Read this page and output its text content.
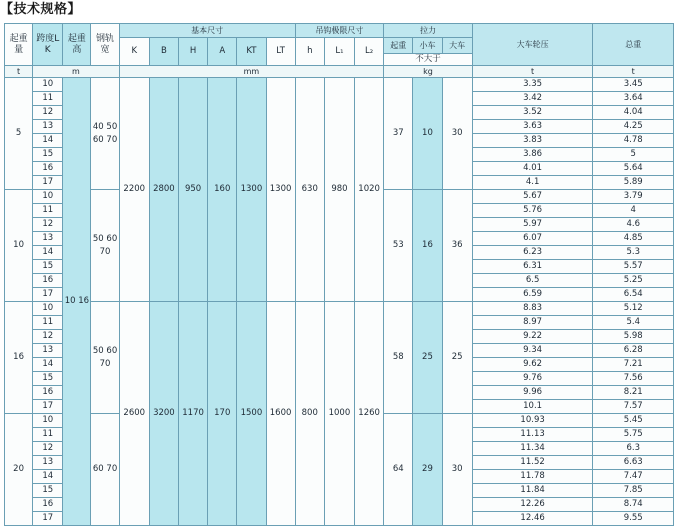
【技术规格】
起重量	跨度L K	起重高	钢轨宽	基本尺寸						吊钩极限尺寸			拉力			大车轮压	总重
				K	B	H	A	KT	LT	h	L₁	L₂	起重	小车	大车		
													不大于				
t	m			mm									kg			t	t
5	10	10 16	40 50 60 70	2200	2800	950	160	1300	1300	630	980	1020	37	10	30	3.35	3.45
	11															3.42	3.64
	12															3.52	4.04
	13															3.63	4.25
	14															3.83	4.78
	15															3.86	5
	16															4.01	5.64
	17															4.1	5.89
10	10		50 60 70										53	16	36	5.67	3.79
	11															5.76	4
	12															5.97	4.6
	13															6.07	4.85
	14															6.23	5.3
	15															6.31	5.57
	16															6.5	5.25
	17															6.59	6.54
16	10		50 60 70	2600	3200	1170	170	1500	1600	800	1000	1260	58	25	25	8.83	5.12
	11															8.97	5.4
	12															9.22	5.98
	13															9.34	6.28
	14															9.62	7.21
	15															9.76	7.56
	16															9.96	8.21
	17															10.1	7.57
20	10		60 70										64	29	30	10.93	5.45
	11															11.13	5.75
	12															11.34	6.3
	13															11.52	6.63
	14															11.78	7.47
	15															11.84	7.85
	16															12.26	8.74
	17															12.46	9.55
